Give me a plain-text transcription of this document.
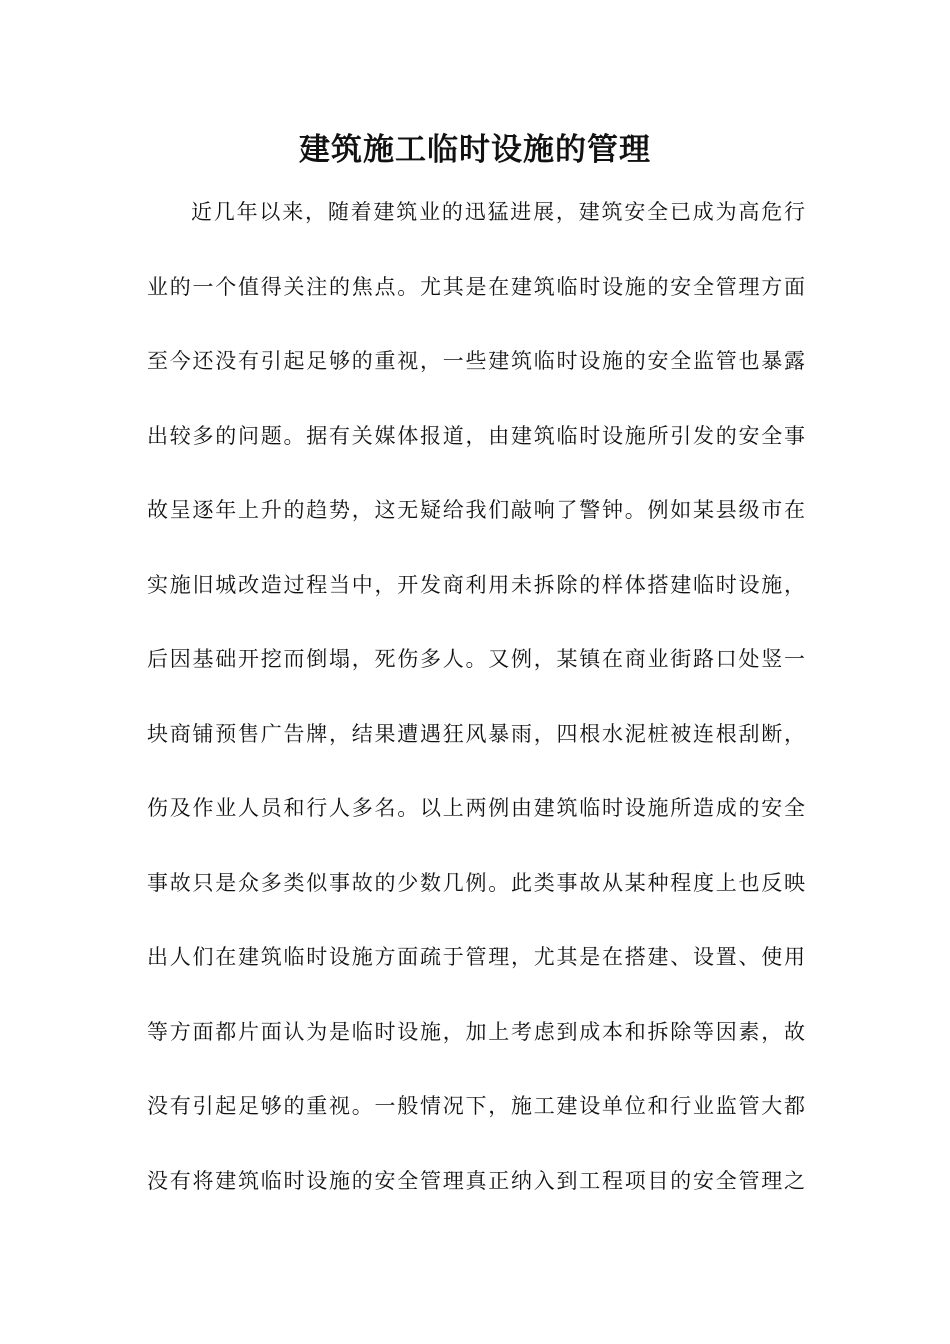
建筑施工临时设施的管理
近几年以来，随着建筑业的迅猛进展，建筑安全已成为高危行
业的一个值得关注的焦点。尤其是在建筑临时设施的安全管理方面
至今还没有引起足够的重视，一些建筑临时设施的安全监管也暴露
出较多的问题。据有关媒体报道，由建筑临时设施所引发的安全事
故呈逐年上升的趋势，这无疑给我们敲响了警钟。例如某县级市在
实施旧城改造过程当中，开发商利用未拆除的样体搭建临时设施，
后因基础开挖而倒塌，死伤多人。又例，某镇在商业街路口处竖一
块商铺预售广告牌，结果遭遇狂风暴雨，四根水泥桩被连根刮断，
伤及作业人员和行人多名。以上两例由建筑临时设施所造成的安全
事故只是众多类似事故的少数几例。此类事故从某种程度上也反映
出人们在建筑临时设施方面疏于管理，尤其是在搭建、设置、使用
等方面都片面认为是临时设施，加上考虑到成本和拆除等因素，故
没有引起足够的重视。一般情况下，施工建设单位和行业监管大都
没有将建筑临时设施的安全管理真正纳入到工程项目的安全管理之
